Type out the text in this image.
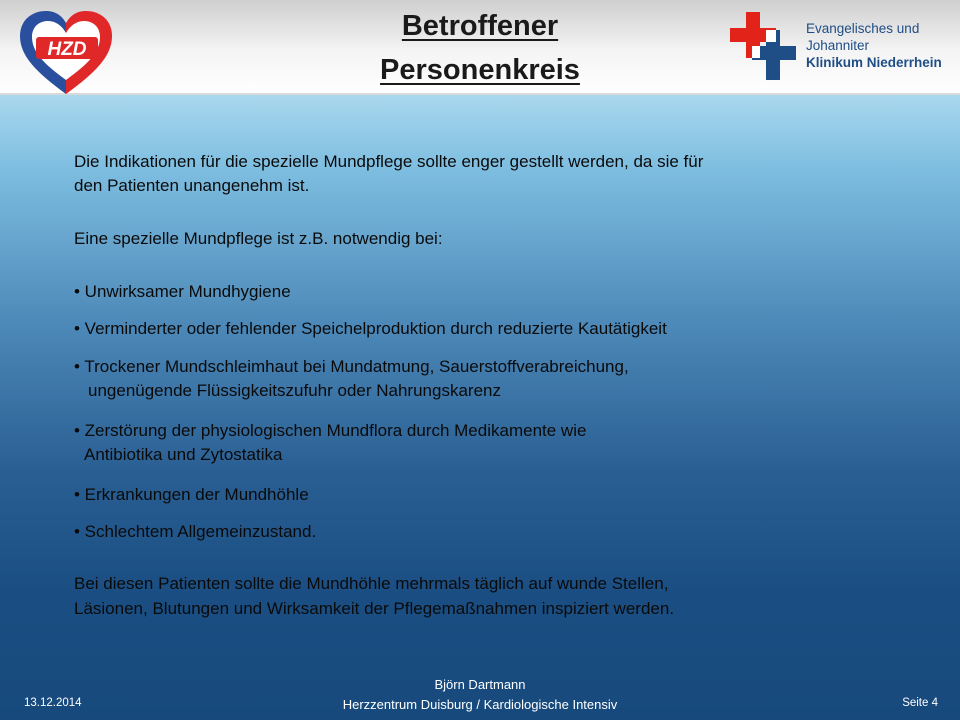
HZD
Betroffener
Personenkreis
Evangelisches und
Johanniter
Klinikum Niederrhein
Die Indikationen für die spezielle Mundpflege sollte enger gestellt werden, da sie für
den Patienten unangenehm ist.
Eine spezielle Mundpflege ist z.B. notwendig bei:
• Unwirksamer Mundhygiene
• Verminderter oder fehlender Speichelproduktion durch reduzierte Kautätigkeit
• Trockener Mundschleimhaut bei Mundatmung, Sauerstoffverabreichung,
ungenügende Flüssigkeitszufuhr oder Nahrungskarenz
• Zerstörung der physiologischen Mundflora durch Medikamente wie
Antibiotika und Zytostatika
• Erkrankungen der Mundhöhle
• Schlechtem Allgemeinzustand.
Bei diesen Patienten sollte die Mundhöhle mehrmals täglich auf wunde Stellen,
Läsionen, Blutungen und Wirksamkeit der Pflegemaßnahmen inspiziert werden.
13.12.2014
Björn Dartmann
Herzzentrum Duisburg / Kardiologische Intensiv	Seite 4
